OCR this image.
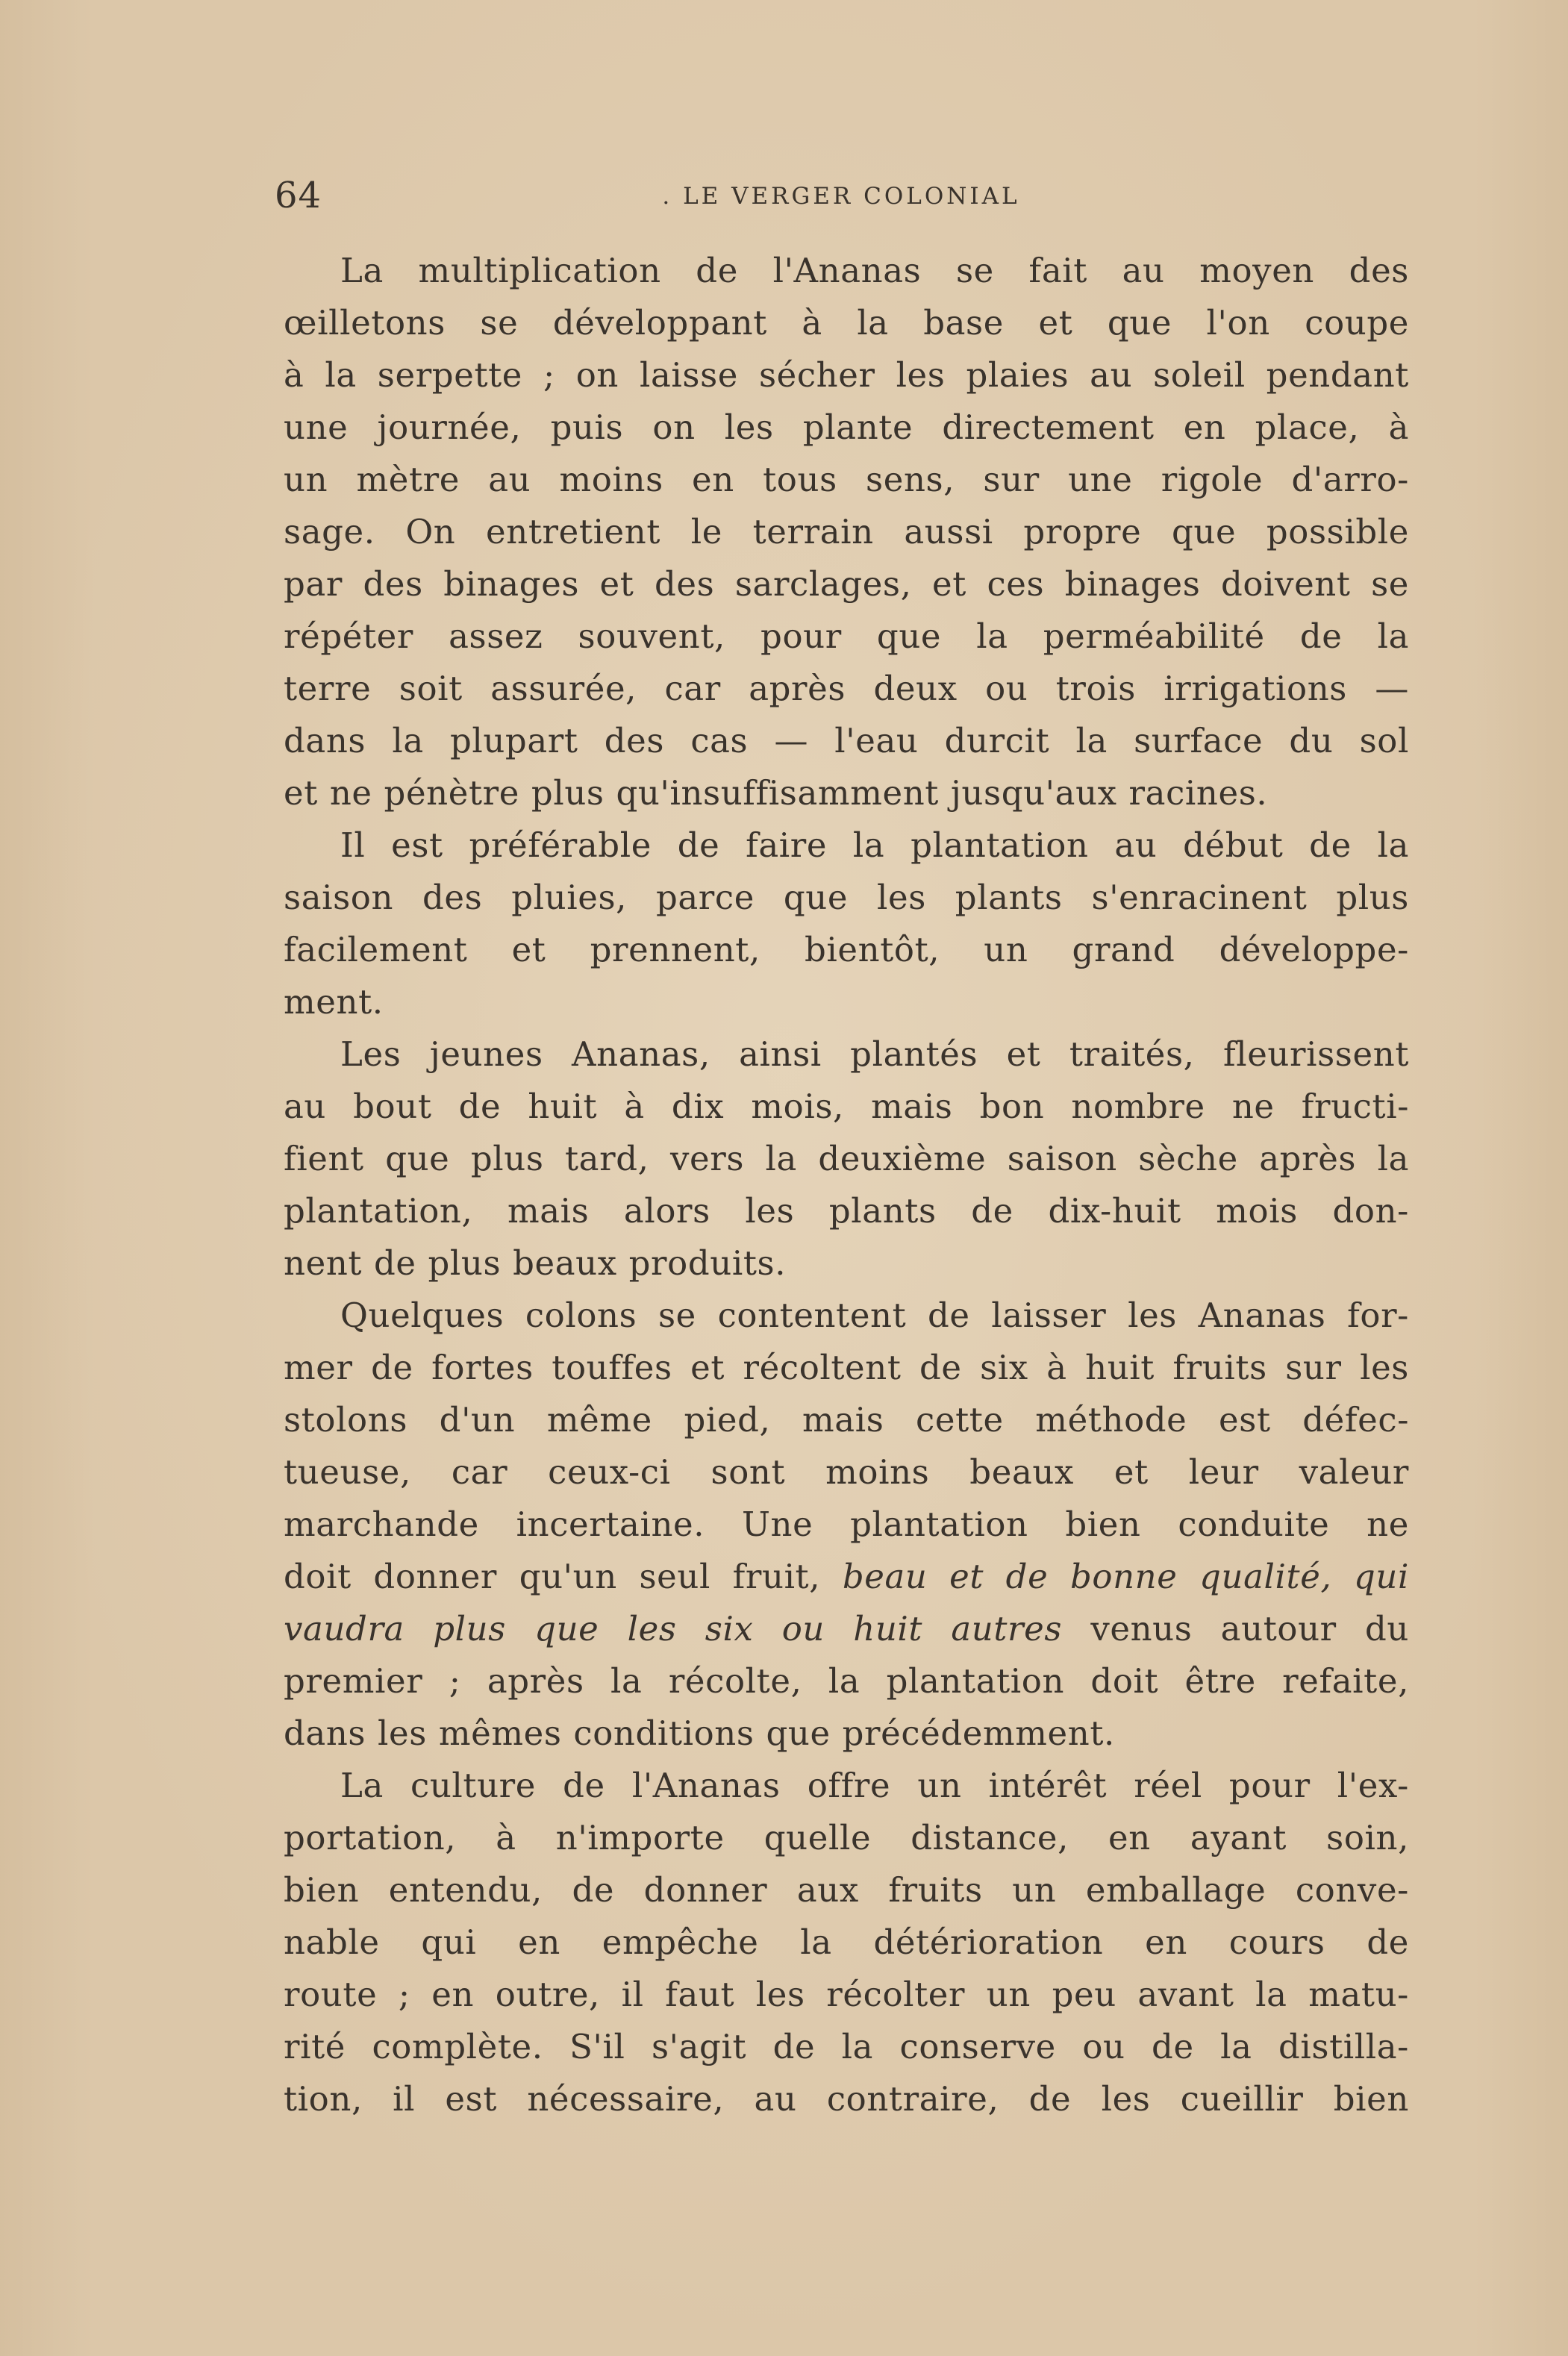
64	. LE VERGER COLONIAL
La multiplication de l'Ananas se fait au moyen des
œilletons se développant à la base et que l'on coupe
à la serpette ; on laisse sécher les plaies au soleil pendant
une journée, puis on les plante directement en place, à
un mètre au moins en tous sens, sur une rigole d'arro-
sage. On entretient le terrain aussi propre que possible
par des binages et des sarclages, et ces binages doivent se
répéter assez souvent, pour que la perméabilité de la
terre soit assurée, car après deux ou trois irrigations —
dans la plupart des cas — l'eau durcit la surface du sol
et ne pénètre plus qu'insuffisamment jusqu'aux racines.
Il est préférable de faire la plantation au début de la
saison des pluies, parce que les plants s'enracinent plus
facilement et prennent, bientôt, un grand développe-
ment.
Les jeunes Ananas, ainsi plantés et traités, fleurissent
au bout de huit à dix mois, mais bon nombre ne fructi-
fient que plus tard, vers la deuxième saison sèche après la
plantation, mais alors les plants de dix-huit mois don-
nent de plus beaux produits.
Quelques colons se contentent de laisser les Ananas for-
mer de fortes touffes et récoltent de six à huit fruits sur les
stolons d'un même pied, mais cette méthode est défec-
tueuse, car ceux-ci sont moins beaux et leur valeur
marchande incertaine. Une plantation bien conduite ne
doit donner qu'un seul fruit, beau et de bonne qualité, qui
vaudra plus que les six ou huit autres venus autour du
premier ; après la récolte, la plantation doit être refaite,
dans les mêmes conditions que précédemment.
La culture de l'Ananas offre un intérêt réel pour l'ex-
portation, à n'importe quelle distance, en ayant soin,
bien entendu, de donner aux fruits un emballage conve-
nable qui en empêche la détérioration en cours de
route ; en outre, il faut les récolter un peu avant la matu-
rité complète. S'il s'agit de la conserve ou de la distilla-
tion, il est nécessaire, au contraire, de les cueillir bien
